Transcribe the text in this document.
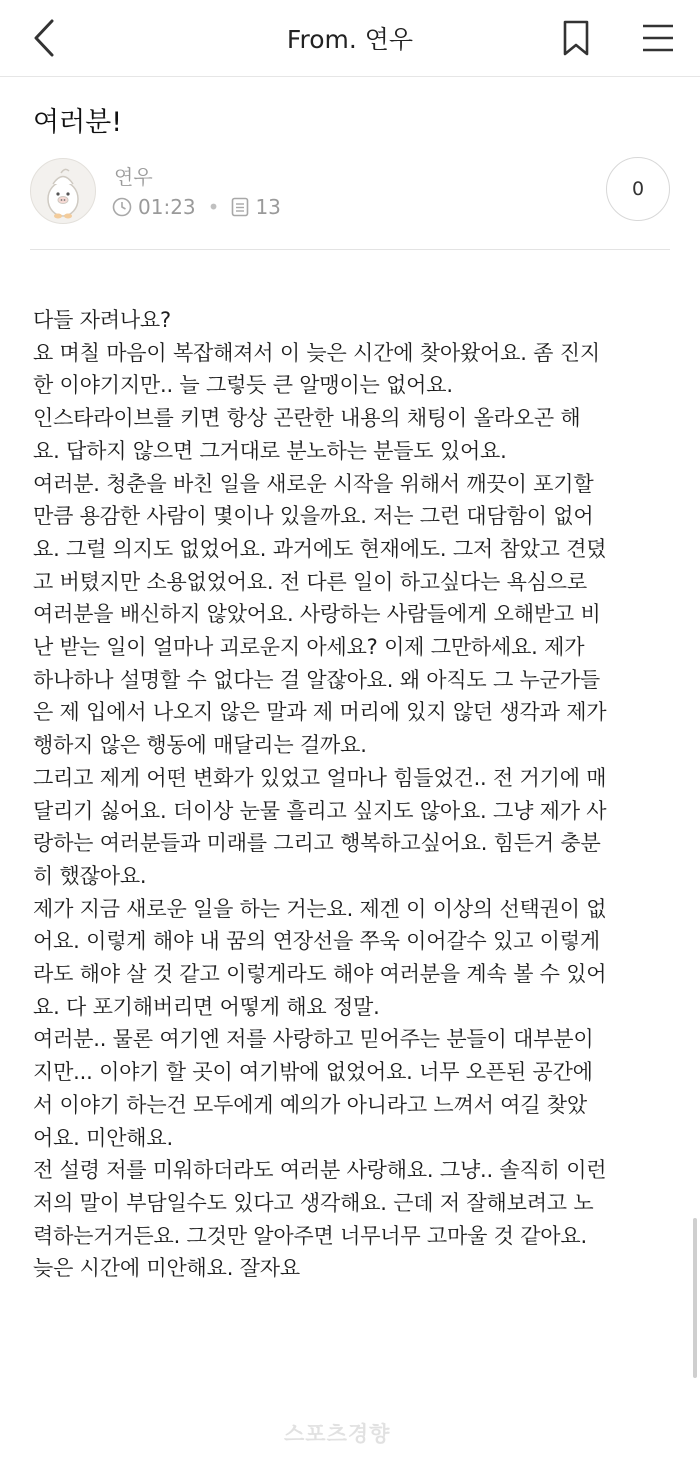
From. 연우
여러분!
연우
01:23 • 13
0

다들 자려나요?

요 며칠 마음이 복잡해져서 이 늦은 시간에 찾아왔어요. 좀 진지

한 이야기지만.. 늘 그렇듯 큰 알맹이는 없어요.

인스타라이브를 키면 항상 곤란한 내용의 채팅이 올라오곤 해

요. 답하지 않으면 그거대로 분노하는 분들도 있어요.

여러분. 청춘을 바친 일을 새로운 시작을 위해서 깨끗이 포기할

만큼 용감한 사람이 몇이나 있을까요. 저는 그런 대담함이 없어

요. 그럴 의지도 없었어요. 과거에도 현재에도. 그저 참았고 견뎠

고 버텼지만 소용없었어요. 전 다른 일이 하고싶다는 욕심으로

여러분을 배신하지 않았어요. 사랑하는 사람들에게 오해받고 비

난 받는 일이 얼마나 괴로운지 아세요? 이제 그만하세요. 제가

하나하나 설명할 수 없다는 걸 알잖아요. 왜 아직도 그 누군가들

은 제 입에서 나오지 않은 말과 제 머리에 있지 않던 생각과 제가

행하지 않은 행동에 매달리는 걸까요.

그리고 제게 어떤 변화가 있었고 얼마나 힘들었건.. 전 거기에 매

달리기 싫어요. 더이상 눈물 흘리고 싶지도 않아요. 그냥 제가 사

랑하는 여러분들과 미래를 그리고 행복하고싶어요. 힘든거 충분

히 했잖아요.

제가 지금 새로운 일을 하는 거는요. 제겐 이 이상의 선택권이 없

어요. 이렇게 해야 내 꿈의 연장선을 쭈욱 이어갈수 있고 이렇게

라도 해야 살 것 같고 이렇게라도 해야 여러분을 계속 볼 수 있어

요. 다 포기해버리면 어떻게 해요 정말.

여러분.. 물론 여기엔 저를 사랑하고 믿어주는 분들이 대부분이

지만... 이야기 할 곳이 여기밖에 없었어요. 너무 오픈된 공간에

서 이야기 하는건 모두에게 예의가 아니라고 느껴서 여길 찾았

어요. 미안해요.

전 설령 저를 미워하더라도 여러분 사랑해요. 그냥.. 솔직히 이런

저의 말이 부담일수도 있다고 생각해요. 근데 저 잘해보려고 노

력하는거거든요. 그것만 알아주면 너무너무 고마울 것 같아요.

늦은 시간에 미안해요. 잘자요

스포츠경향
